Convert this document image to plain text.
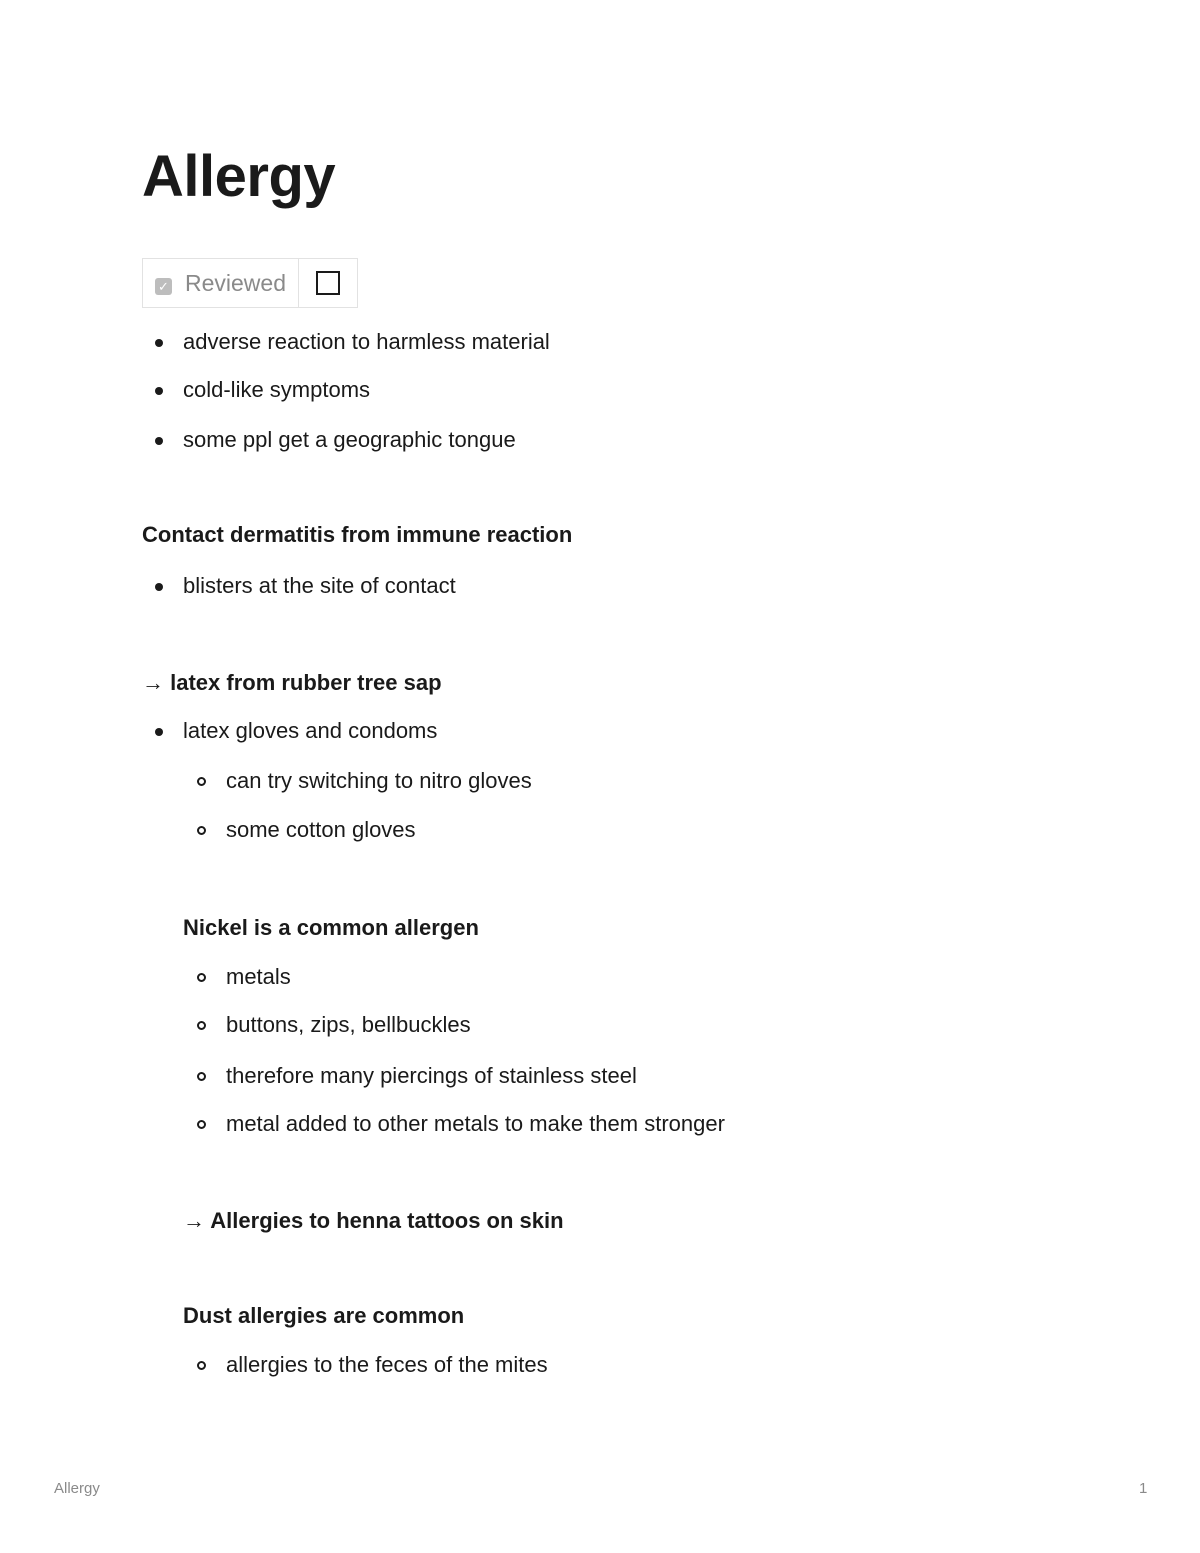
Allergy
✓ Reviewed
adverse reaction to harmless material
cold-like symptoms
some ppl get a geographic tongue
Contact dermatitis from immune reaction
blisters at the site of contact
→ latex from rubber tree sap
latex gloves and condoms
can try switching to nitro gloves
some cotton gloves
Nickel is a common allergen
metals
buttons, zips, bellbuckles
therefore many piercings of stainless steel
metal added to other metals to make them stronger
→ Allergies to henna tattoos on skin
Dust allergies are common
allergies to the feces of the mites
Allergy	1
